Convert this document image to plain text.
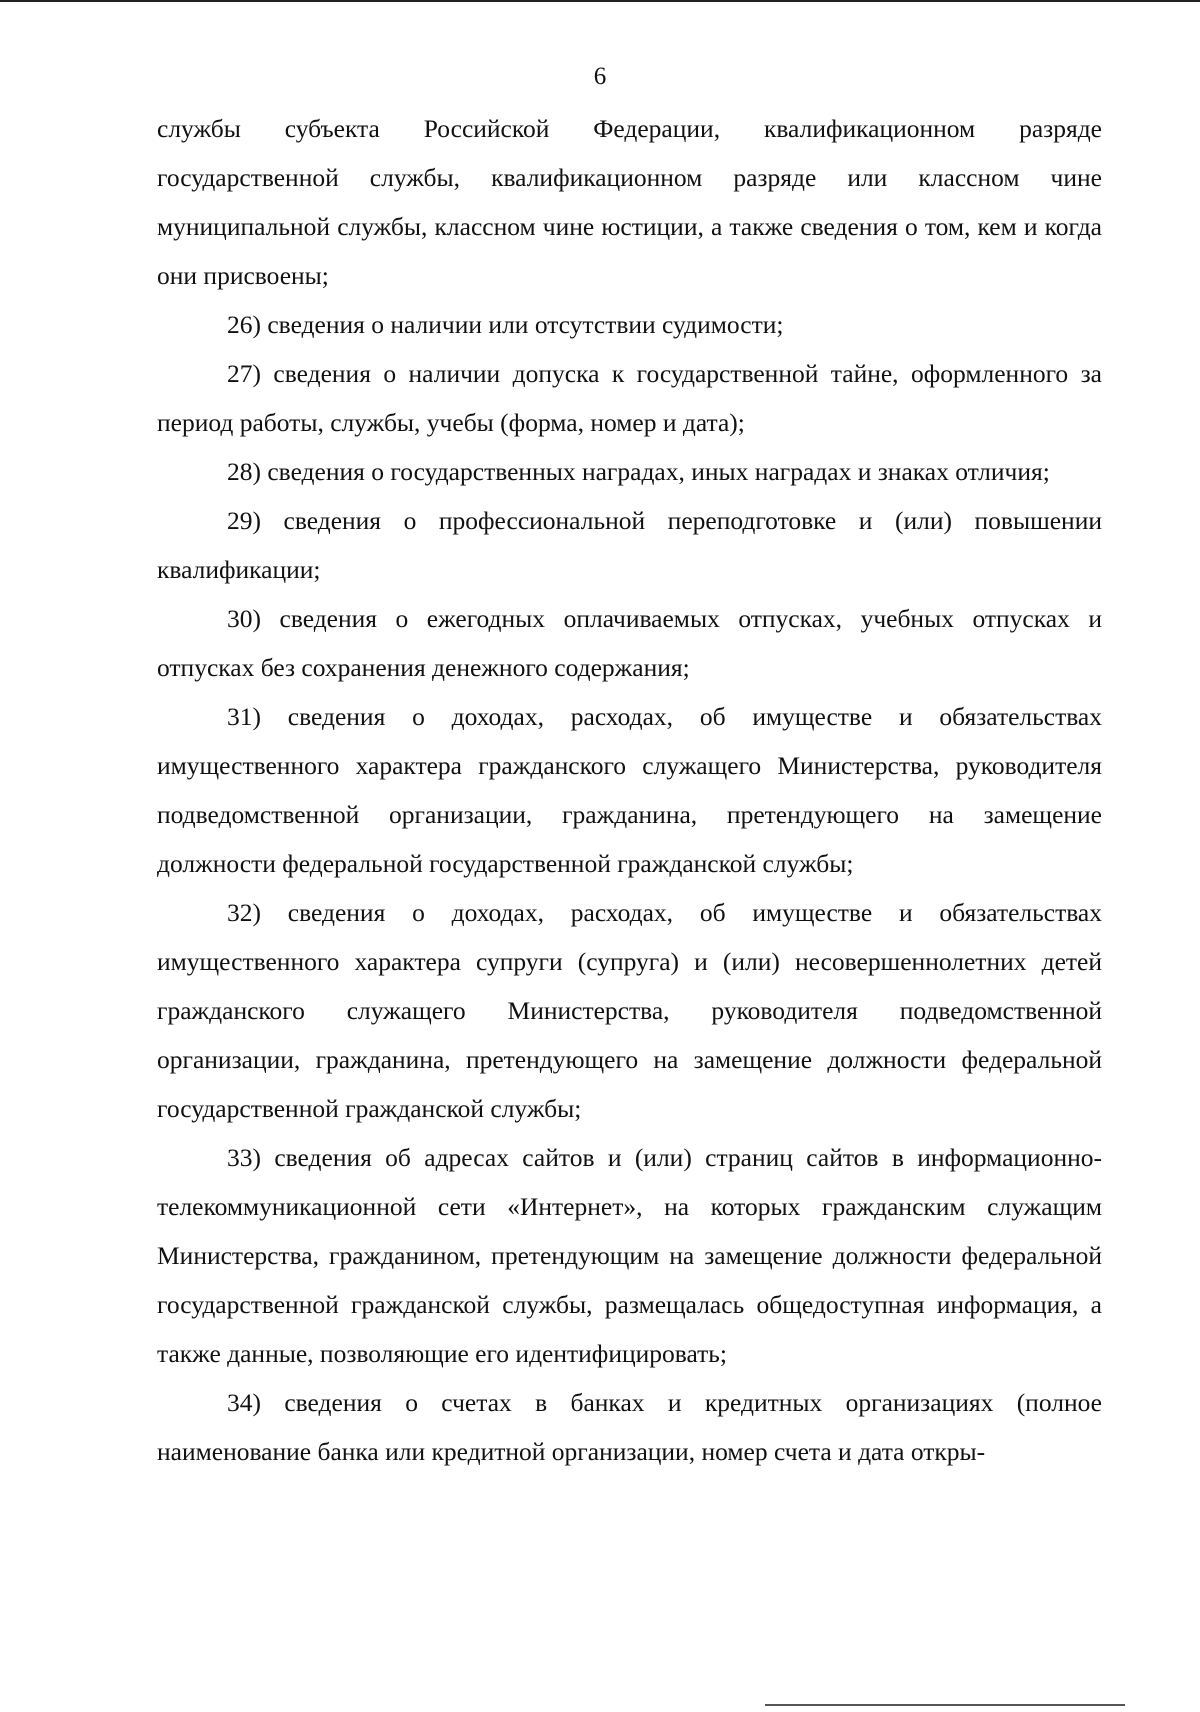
6

службы субъекта Российской Федерации, квалификационном разряде государственной службы, квалификационном разряде или классном чине муниципальной службы, классном чине юстиции, а также сведения о том, кем и когда они присвоены;

26) сведения о наличии или отсутствии судимости;

27) сведения о наличии допуска к государственной тайне, оформленного за период работы, службы, учебы (форма, номер и дата);

28) сведения о государственных наградах, иных наградах и знаках отличия;

29) сведения о профессиональной переподготовке и (или) повышении квалификации;

30) сведения о ежегодных оплачиваемых отпусках, учебных отпусках и отпусках без сохранения денежного содержания;

31) сведения о доходах, расходах, об имуществе и обязательствах имущественного характера гражданского служащего Министерства, руководителя подведомственной организации, гражданина, претендующего на замещение должности федеральной государственной гражданской службы;

32) сведения о доходах, расходах, об имуществе и обязательствах имущественного характера супруги (супруга) и (или) несовершеннолетних детей гражданского служащего Министерства, руководителя подведомственной организации, гражданина, претендующего на замещение должности федеральной государственной гражданской службы;

33) сведения об адресах сайтов и (или) страниц сайтов в информационно-телекоммуникационной сети «Интернет», на которых гражданским служащим Министерства, гражданином, претендующим на замещение должности федеральной государственной гражданской службы, размещалась общедоступная информация, а также данные, позволяющие его идентифицировать;

34) сведения о счетах в банках и кредитных организациях (полное наименование банка или кредитной организации, номер счета и дата откры-
